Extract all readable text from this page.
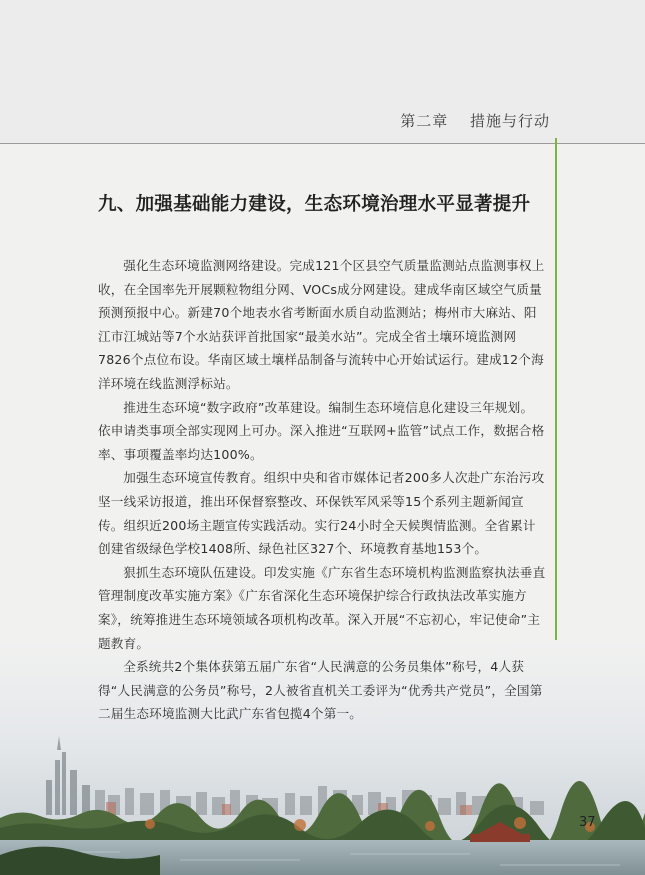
第二章 措施与行动
九、加强基础能力建设，生态环境治理水平显著提升

强化生态环境监测网络建设。完成121个区县空气质量监测站点监测事权上收，在全国率先开展颗粒物组分网、VOCs成分网建设。建成华南区域空气质量预测预报中心。新建70个地表水省考断面水质自动监测站；梅州市大麻站、阳江市江城站等7个水站获评首批国家“最美水站”。完成全省土壤环境监测网7826个点位布设。华南区域土壤样品制备与流转中心开始试运行。建成12个海洋环境在线监测浮标站。

推进生态环境“数字政府”改革建设。编制生态环境信息化建设三年规划。依申请类事项全部实现网上可办。深入推进“互联网+监管”试点工作，数据合格率、事项覆盖率均达100%。

加强生态环境宣传教育。组织中央和省市媒体记者200多人次赴广东治污攻坚一线采访报道，推出环保督察整改、环保铁军风采等15个系列主题新闻宣传。组织近200场主题宣传实践活动。实行24小时全天候舆情监测。全省累计创建省级绿色学校1408所、绿色社区327个、环境教育基地153个。

狠抓生态环境队伍建设。印发实施《广东省生态环境机构监测监察执法垂直管理制度改革实施方案》《广东省深化生态环境保护综合行政执法改革实施方案》，统筹推进生态环境领域各项机构改革。深入开展“不忘初心，牢记使命”主题教育。

全系统共2个集体获第五届广东省“人民满意的公务员集体”称号，4人获得“人民满意的公务员”称号，2人被省直机关工委评为“优秀共产党员”，全国第二届生态环境监测大比武广东省包揽4个第一。

37
